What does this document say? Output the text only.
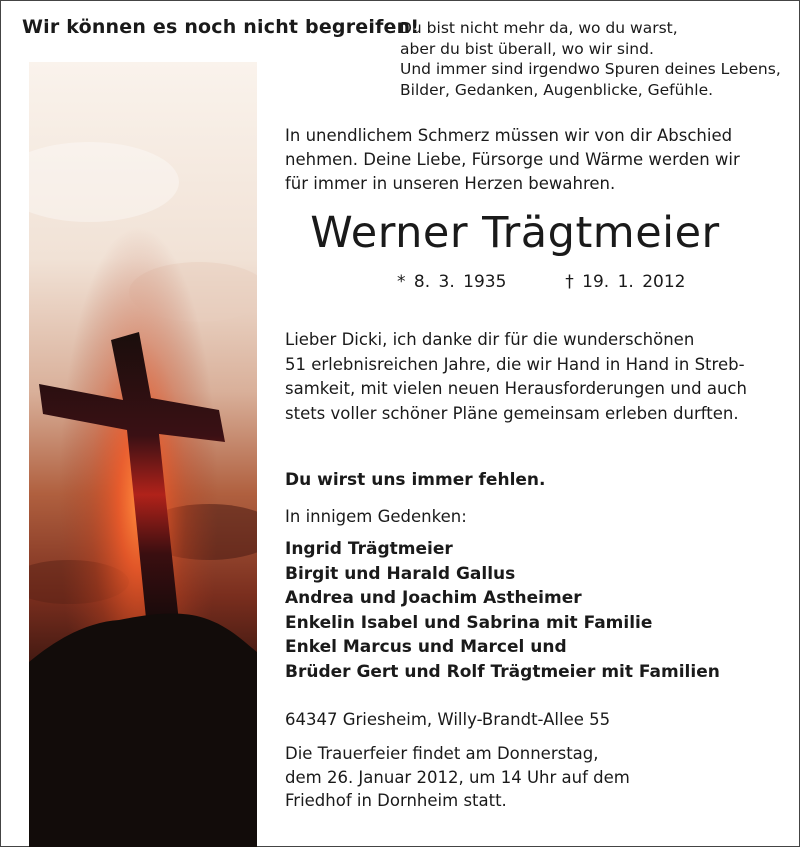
Wir können es noch nicht begreifen!
Du bist nicht mehr da, wo du warst,
aber du bist überall, wo wir sind.
Und immer sind irgendwo Spuren deines Lebens,
Bilder, Gedanken, Augenblicke, Gefühle.
In unendlichem Schmerz müssen wir von dir Abschied
nehmen. Deine Liebe, Fürsorge und Wärme werden wir
für immer in unseren Herzen bewahren.
Werner Trägtmeier
* 8. 3. 1935	† 19. 1. 2012
Lieber Dicki, ich danke dir für die wunderschönen
51 erlebnisreichen Jahre, die wir Hand in Hand in Streb-
samkeit, mit vielen neuen Herausforderungen und auch
stets voller schöner Pläne gemeinsam erleben durften.
Du wirst uns immer fehlen.
In innigem Gedenken:
Ingrid Trägtmeier
Birgit und Harald Gallus
Andrea und Joachim Astheimer
Enkelin Isabel und Sabrina mit Familie
Enkel Marcus und Marcel und
Brüder Gert und Rolf Trägtmeier mit Familien
64347 Griesheim, Willy-Brandt-Allee 55
Die Trauerfeier findet am Donnerstag,
dem 26. Januar 2012, um 14 Uhr auf dem
Friedhof in Dornheim statt.
